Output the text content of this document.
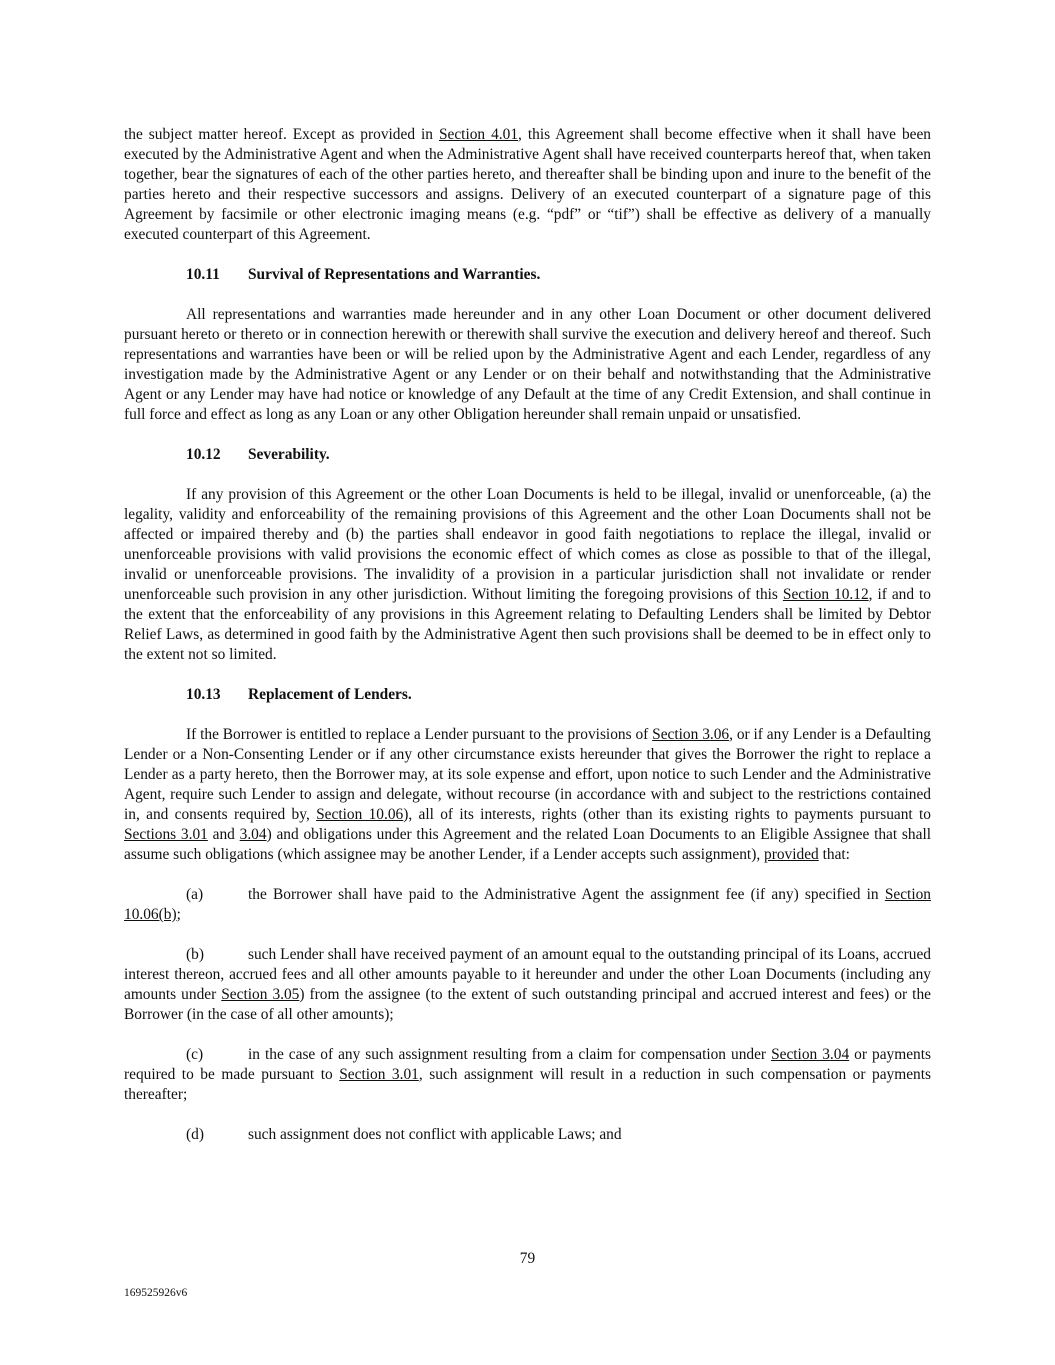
the subject matter hereof. Except as provided in Section 4.01, this Agreement shall become effective when it shall have been executed by the Administrative Agent and when the Administrative Agent shall have received counterparts hereof that, when taken together, bear the signatures of each of the other parties hereto, and thereafter shall be binding upon and inure to the benefit of the parties hereto and their respective successors and assigns. Delivery of an executed counterpart of a signature page of this Agreement by facsimile or other electronic imaging means (e.g. “pdf” or “tif”) shall be effective as delivery of a manually executed counterpart of this Agreement.

10.11 Survival of Representations and Warranties.

All representations and warranties made hereunder and in any other Loan Document or other document delivered pursuant hereto or thereto or in connection herewith or therewith shall survive the execution and delivery hereof and thereof. Such representations and warranties have been or will be relied upon by the Administrative Agent and each Lender, regardless of any investigation made by the Administrative Agent or any Lender or on their behalf and notwithstanding that the Administrative Agent or any Lender may have had notice or knowledge of any Default at the time of any Credit Extension, and shall continue in full force and effect as long as any Loan or any other Obligation hereunder shall remain unpaid or unsatisfied.

10.12 Severability.

If any provision of this Agreement or the other Loan Documents is held to be illegal, invalid or unenforceable, (a) the legality, validity and enforceability of the remaining provisions of this Agreement and the other Loan Documents shall not be affected or impaired thereby and (b) the parties shall endeavor in good faith negotiations to replace the illegal, invalid or unenforceable provisions with valid provisions the economic effect of which comes as close as possible to that of the illegal, invalid or unenforceable provisions. The invalidity of a provision in a particular jurisdiction shall not invalidate or render unenforceable such provision in any other jurisdiction. Without limiting the foregoing provisions of this Section 10.12, if and to the extent that the enforceability of any provisions in this Agreement relating to Defaulting Lenders shall be limited by Debtor Relief Laws, as determined in good faith by the Administrative Agent then such provisions shall be deemed to be in effect only to the extent not so limited.

10.13 Replacement of Lenders.

If the Borrower is entitled to replace a Lender pursuant to the provisions of Section 3.06, or if any Lender is a Defaulting Lender or a Non-Consenting Lender or if any other circumstance exists hereunder that gives the Borrower the right to replace a Lender as a party hereto, then the Borrower may, at its sole expense and effort, upon notice to such Lender and the Administrative Agent, require such Lender to assign and delegate, without recourse (in accordance with and subject to the restrictions contained in, and consents required by, Section 10.06), all of its interests, rights (other than its existing rights to payments pursuant to Sections 3.01 and 3.04) and obligations under this Agreement and the related Loan Documents to an Eligible Assignee that shall assume such obligations (which assignee may be another Lender, if a Lender accepts such assignment), provided that:

(a)	the Borrower shall have paid to the Administrative Agent the assignment fee (if any) specified in Section 10.06(b);

(b)	such Lender shall have received payment of an amount equal to the outstanding principal of its Loans, accrued interest thereon, accrued fees and all other amounts payable to it hereunder and under the other Loan Documents (including any amounts under Section 3.05) from the assignee (to the extent of such outstanding principal and accrued interest and fees) or the Borrower (in the case of all other amounts);

(c)	in the case of any such assignment resulting from a claim for compensation under Section 3.04 or payments required to be made pursuant to Section 3.01, such assignment will result in a reduction in such compensation or payments thereafter;

(d)	such assignment does not conflict with applicable Laws; and

79
169525926v6
